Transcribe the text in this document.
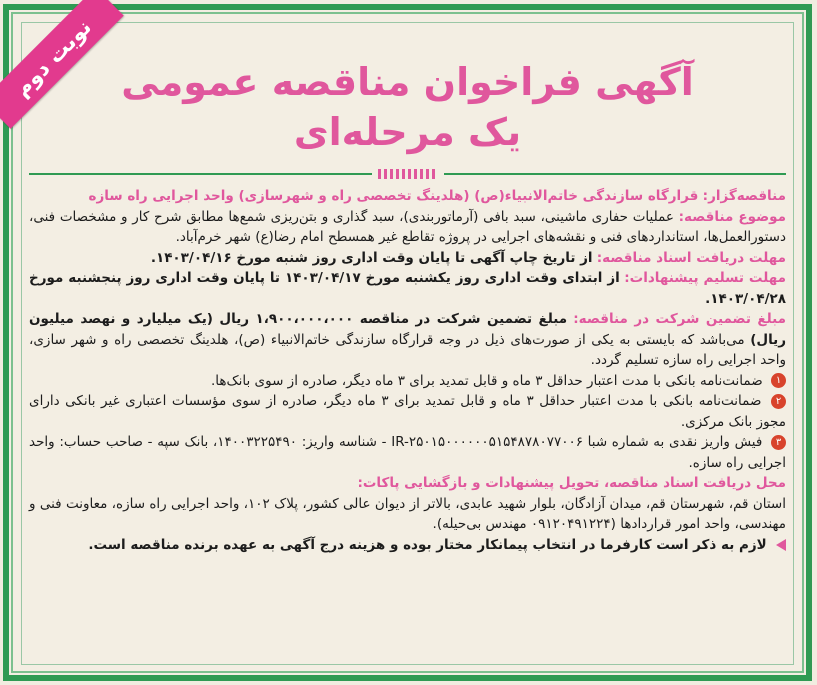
نوبت دوم آگهی فراخوان مناقصه عمومی
یک مرحله‌ای

مناقصه‌گزار: قرارگاه سازندگی خاتم‌الانبیاء(ص) (هلدینگ تخصصی راه و شهرسازی) واحد اجرایی راه سازه

موضوع مناقصه: عملیات حفاری ماشینی، سبد بافی (آرماتوربندی)، سبد گذاری و بتن‌ریزی شمع‌ها مطابق شرح کار و مشخصات فنی، دستورالعمل‌ها، استانداردهای فنی و نقشه‌های اجرایی در پروژه تقاطع غیر همسطح امام رضا(ع) شهر خرم‌آباد.

مهلت دریافت اسناد مناقصه: از تاریخ چاپ آگهی تا پایان وقت اداری روز شنبه مورخ ۱۴۰۳/۰۴/۱۶.

مهلت تسلیم پیشنهادات: از ابتدای وقت اداری روز یکشنبه مورخ ۱۴۰۳/۰۴/۱۷ تا پایان وقت اداری روز پنجشنبه مورخ ۱۴۰۳/۰۴/۲۸.

مبلغ تضمین شرکت در مناقصه: مبلغ تضمین شرکت در مناقصه ۱،۹۰۰،۰۰۰،۰۰۰ ریال (یک میلیارد و نهصد میلیون ریال) می‌باشد که بایستی به یکی از صورت‌های ذیل در وجه قرارگاه سازندگی خاتم‌الانبیاء (ص)، هلدینگ تخصصی راه و شهر سازی، واحد اجرایی راه سازه تسلیم گردد.

۱ ضمانت‌نامه بانکی با مدت اعتبار حداقل ۳ ماه و قابل تمدید برای ۳ ماه دیگر، صادره از سوی بانک‌ها.

۲ ضمانت‌نامه بانکی با مدت اعتبار حداقل ۳ ماه و قابل تمدید برای ۳ ماه دیگر، صادره از سوی مؤسسات اعتباری غیر بانکی دارای مجوز بانک مرکزی.

۳ فیش واریز نقدی به شماره شبا IR-۲۵۰۱۵۰۰۰۰۰۰۵۱۵۴۸۷۸۰۷۷۰۰۶ - شناسه واریز: ۱۴۰۰۳۲۲۵۴۹۰، بانک سپه - صاحب حساب: واحد اجرایی راه سازه.

محل دریافت اسناد مناقصه، تحویل پیشنهادات و بازگشایی پاکات:

استان قم، شهرستان قم، میدان آزادگان، بلوار شهید عابدی، بالاتر از دیوان عالی کشور، پلاک ۱۰۲، واحد اجرایی راه سازه، معاونت فنی و مهندسی، واحد امور قراردادها (۰۹۱۲۰۴۹۱۲۲۴ مهندس بی‌حیله).

لازم به ذکر است کارفرما در انتخاب پیمانکار مختار بوده و هزینه درج آگهی به عهده برنده مناقصه است.
